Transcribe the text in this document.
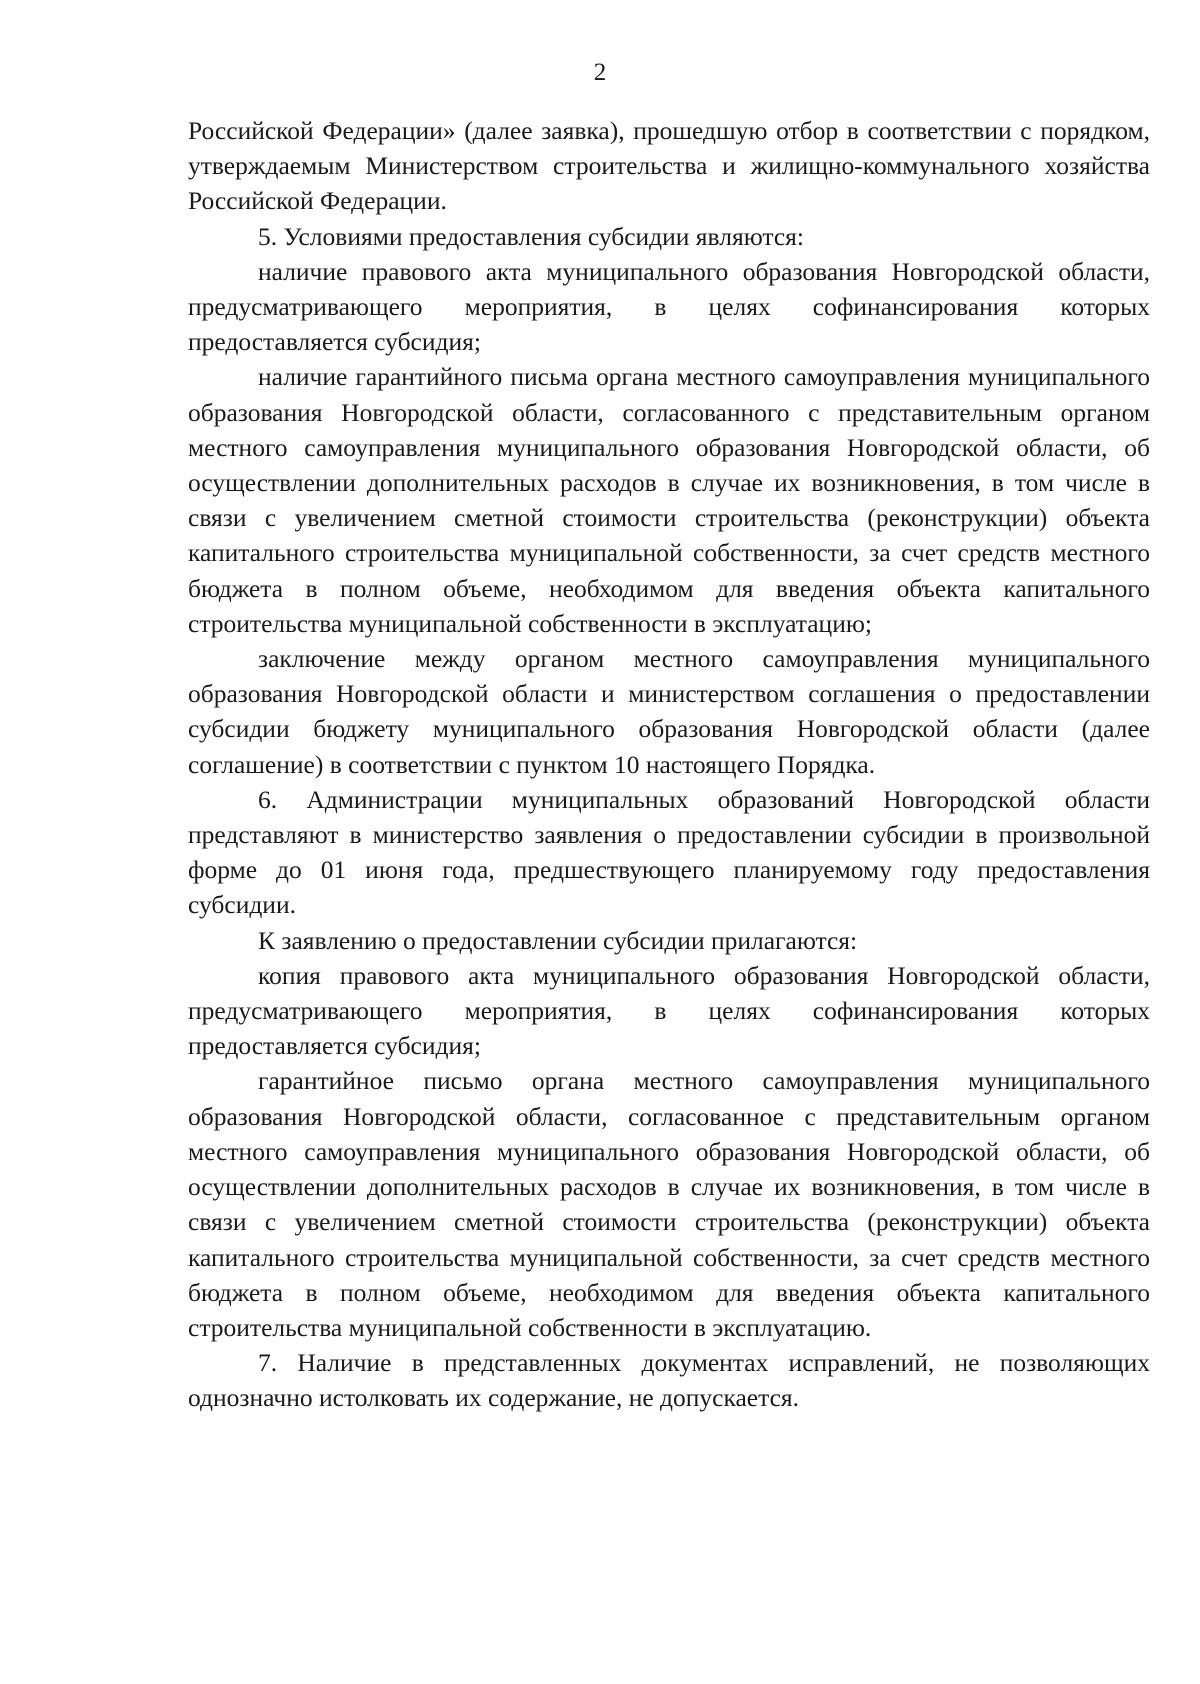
2

Российской Федерации» (далее заявка), прошедшую отбор в соответствии с порядком, утверждаемым Министерством строительства и жилищно-коммунального хозяйства Российской Федерации.

5. Условиями предоставления субсидии являются:

наличие правового акта муниципального образования Новгородской области, предусматривающего мероприятия, в целях софинансирования которых предоставляется субсидия;

наличие гарантийного письма органа местного самоуправления муниципального образования Новгородской области, согласованного с представительным органом местного самоуправления муниципального образования Новгородской области, об осуществлении дополнительных расходов в случае их возникновения, в том числе в связи с увеличением сметной стоимости строительства (реконструкции) объекта капитального строительства муниципальной собственности, за счет средств местного бюджета в полном объеме, необходимом для введения объекта капитального строительства муниципальной собственности в эксплуатацию;

заключение между органом местного самоуправления муниципального образования Новгородской области и министерством соглашения о предоставлении субсидии бюджету муниципального образования Новгородской области (далее соглашение) в соответствии с пунктом 10 настоящего Порядка.

6. Администрации муниципальных образований Новгородской области представляют в министерство заявления о предоставлении субсидии в произвольной форме до 01 июня года, предшествующего планируемому году предоставления субсидии.

К заявлению о предоставлении субсидии прилагаются:

копия правового акта муниципального образования Новгородской области, предусматривающего мероприятия, в целях софинансирования которых предоставляется субсидия;

гарантийное письмо органа местного самоуправления муниципального образования Новгородской области, согласованное с представительным органом местного самоуправления муниципального образования Новгородской области, об осуществлении дополнительных расходов в случае их возникновения, в том числе в связи с увеличением сметной стоимости строительства (реконструкции) объекта капитального строительства муниципальной собственности, за счет средств местного бюджета в полном объеме, необходимом для введения объекта капитального строительства муниципальной собственности в эксплуатацию.

7. Наличие в представленных документах исправлений, не позволяющих однозначно истолковать их содержание, не допускается.
